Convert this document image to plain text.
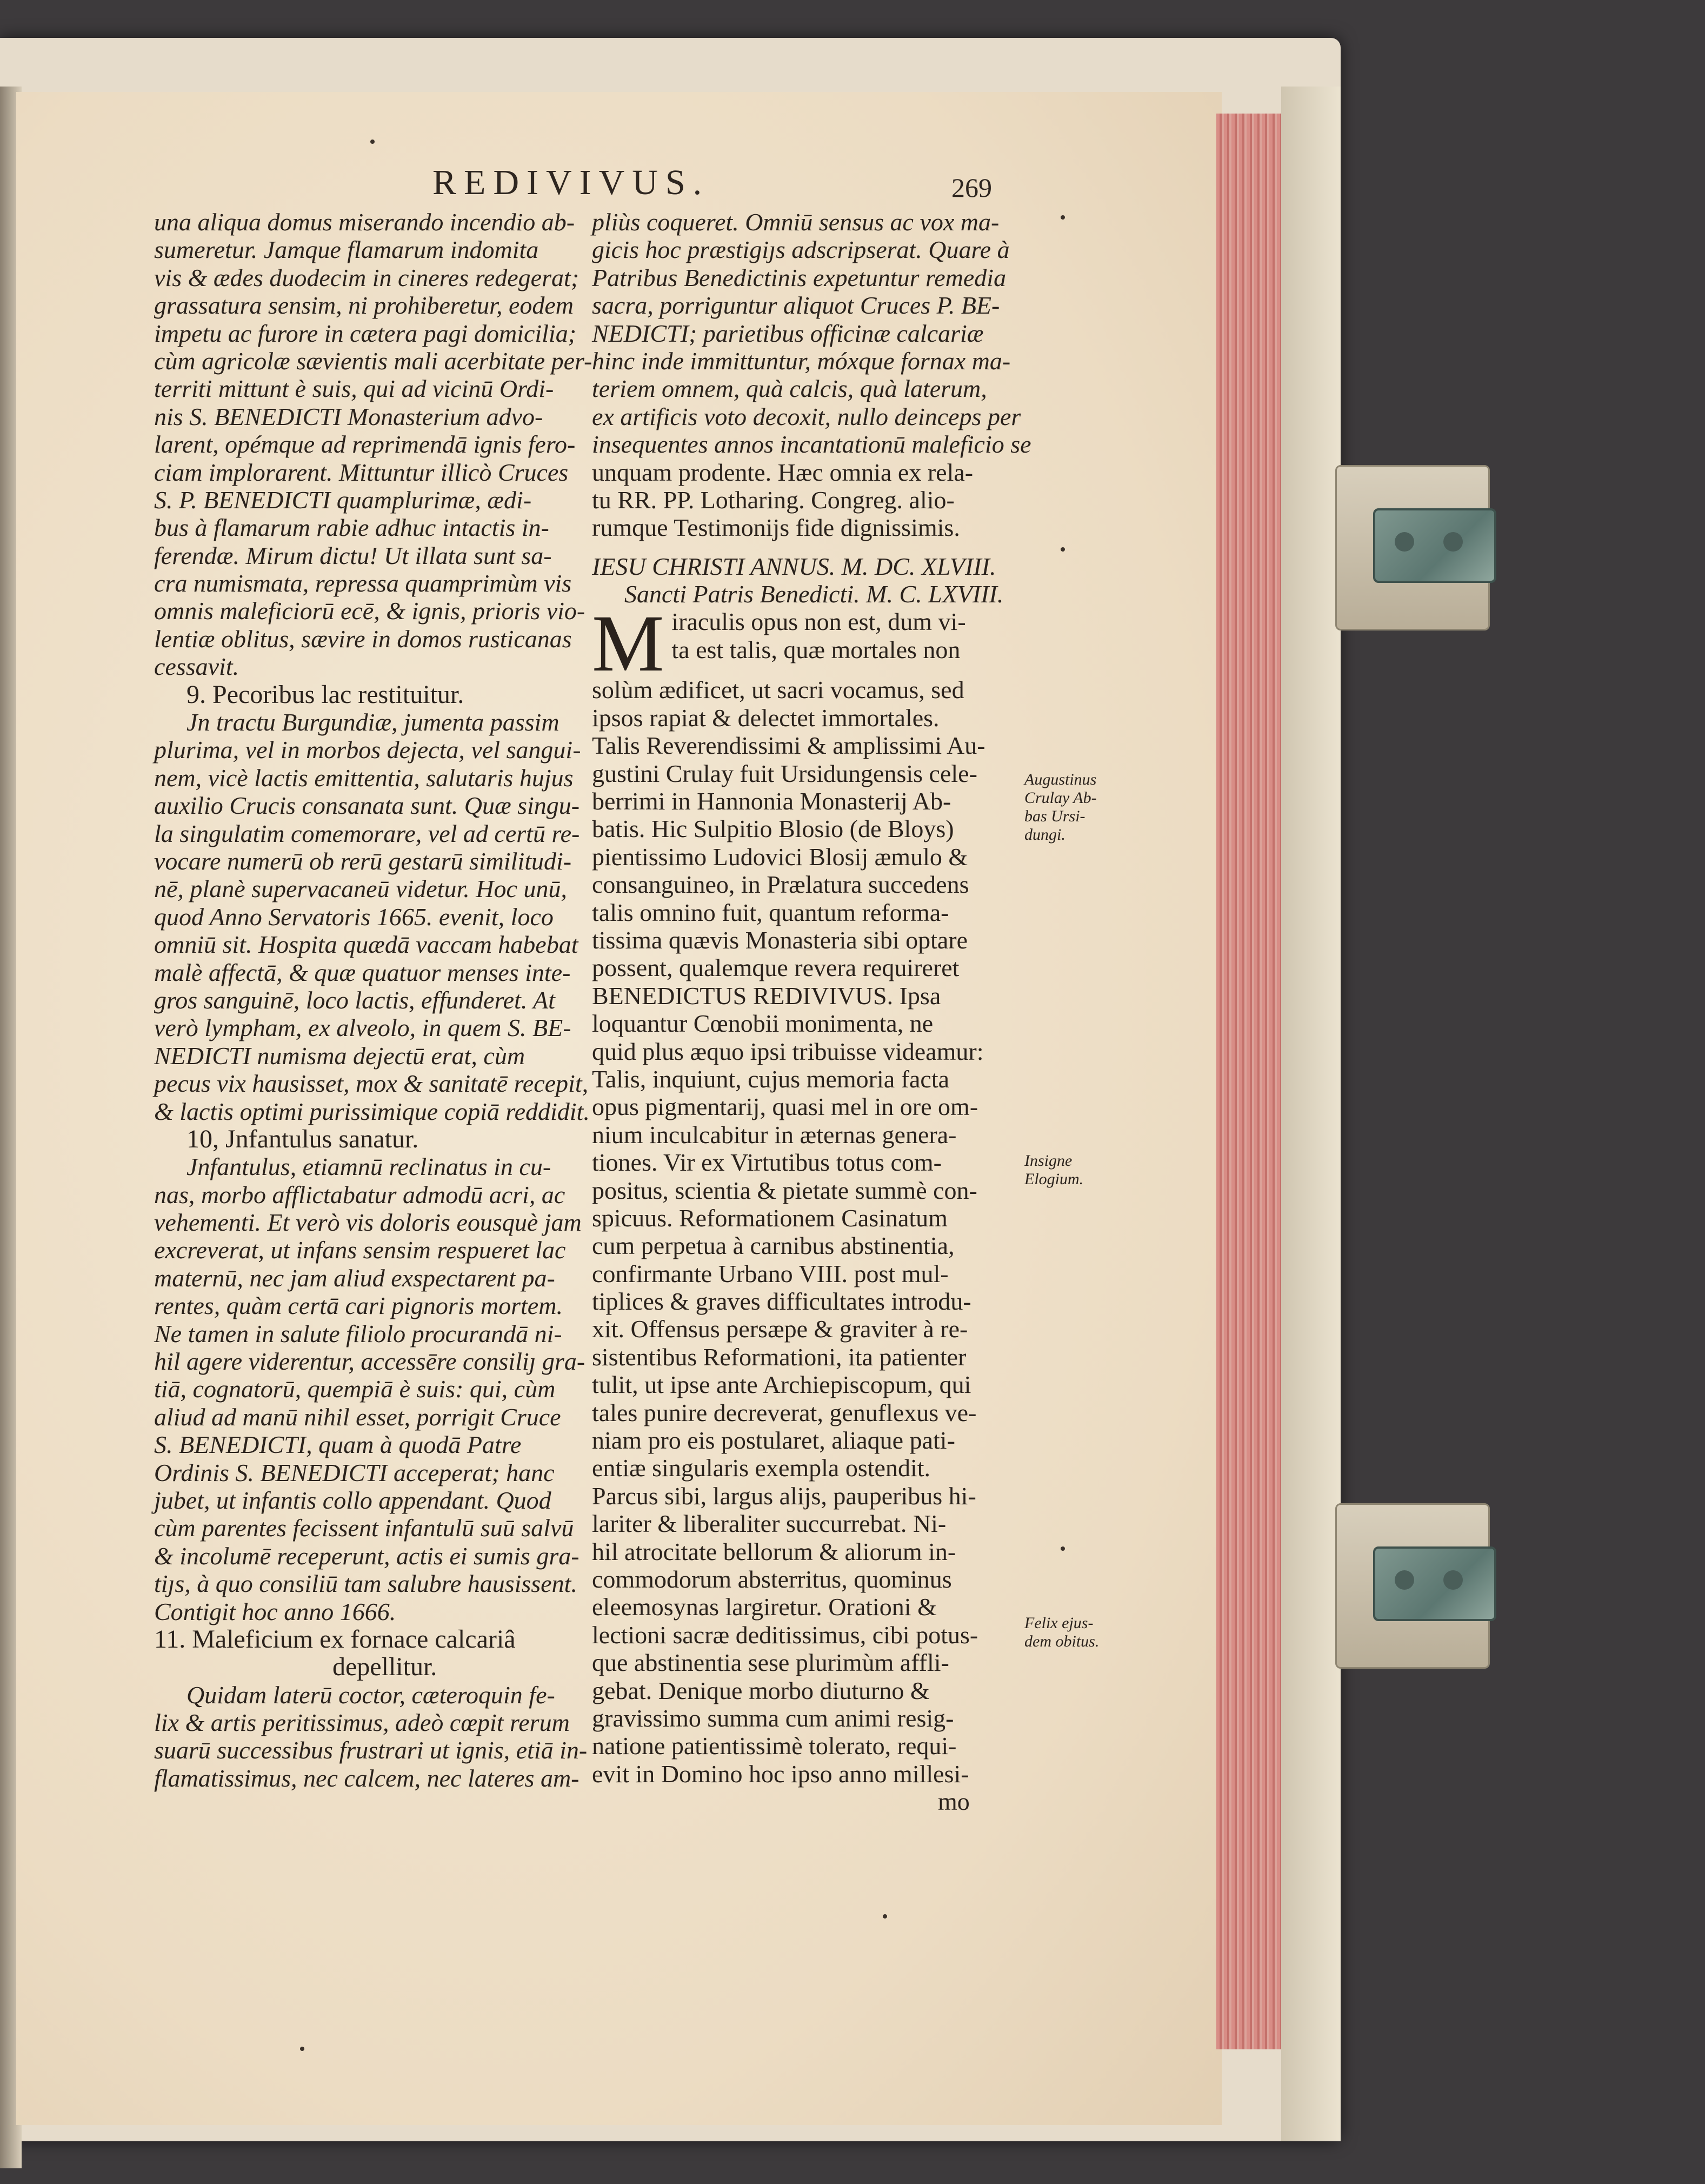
REDIVIVUS.	269
una aliqua domus miserando incendio ab-
sumeretur. Jamque flamarum indomita
vis & ædes duodecim in cineres redegerat;
grassatura sensim, ni prohiberetur, eodem
impetu ac furore in cætera pagi domicilia;
cùm agricolæ sævientis mali acerbitate per-
territi mittunt è suis, qui ad vicinū Ordi-
nis S. BENEDICTI Monasterium advo-
larent, opémque ad reprimendā ignis fero-
ciam implorarent. Mittuntur illicò Cruces
S. P. BENEDICTI quamplurimæ, ædi-
bus à flamarum rabie adhuc intactis in-
ferendæ. Mirum dictu! Ut illata sunt sa-
cra numismata, repressa quamprimùm vis
omnis maleficiorū ecē, & ignis, prioris vio-
lentiæ oblitus, sævire in domos rusticanas
cessavit.
9. Pecoribus lac restituitur.
Jn tractu Burgundiæ, jumenta passim
plurima, vel in morbos dejecta, vel sangui-
nem, vicè lactis emittentia, salutaris hujus
auxilio Crucis consanata sunt. Quæ singu-
la singulatim comemorare, vel ad certū re-
vocare numerū ob rerū gestarū similitudi-
nē, planè supervacaneū videtur. Hoc unū,
quod Anno Servatoris 1665. evenit, loco
omniū sit. Hospita quædā vaccam habebat
malè affectā, & quæ quatuor menses inte-
gros sanguinē, loco lactis, effunderet. At
verò lympham, ex alveolo, in quem S. BE-
NEDICTI numisma dejectū erat, cùm
pecus vix hausisset, mox & sanitatē recepit,
& lactis optimi purissimique copiā reddidit.
10, Jnfantulus sanatur.
Jnfantulus, etiamnū reclinatus in cu-
nas, morbo afflictabatur admodū acri, ac
vehementi. Et verò vis doloris eousquè jam
excreverat, ut infans sensim respueret lac
maternū, nec jam aliud exspectarent pa-
rentes, quàm certā cari pignoris mortem.
Ne tamen in salute filiolo procurandā ni-
hil agere viderentur, accessēre consiliȷ gra-
tiā, cognatorū, quempiā è suis: qui, cùm
aliud ad manū nihil esset, porrigit Cruce
S. BENEDICTI, quam à quodā Patre
Ordinis S. BENEDICTI acceperat; hanc
jubet, ut infantis collo appendant. Quod
cùm parentes fecissent infantulū suū salvū
& incolumē receperunt, actis ei sumis gra-
tiȷs, à quo consiliū tam salubre hausissent.
Contigit hoc anno 1666.
11. Maleficium ex fornace calcariâ
depellitur.
Quidam laterū coctor, cæteroquin fe-
lix & artis peritissimus, adeò cœpit rerum
suarū successibus frustrari ut ignis, etiā in-
flamatissimus, nec calcem, nec lateres am-
pliùs coqueret. Omniū sensus ac vox ma-
gicis hoc præstigiȷs adscripserat. Quare à
Patribus Benedictinis expetuntur remedia
sacra, porriguntur aliquot Cruces P. BE-
NEDICTI; parietibus officinæ calcariæ
hinc inde immittuntur, móxque fornax ma-
teriem omnem, quà calcis, quà laterum,
ex artificis voto decoxit, nullo deinceps per
insequentes annos incantationū maleficio se
unquam prodente. Hæc omnia ex rela-
tu RR. PP. Lotharing. Congreg. alio-
rumque Testimonijs fide dignissimis.
IESU CHRISTI ANNUS. M. DC. XLVIII.
Sancti Patris Benedicti. M. C. LXVIII.
M iraculis opus non est, dum vi-
ta est talis, quæ mortales non
solùm ædificet, ut sacri vocamus, sed
ipsos rapiat & delectet immortales.
Talis Reverendissimi & amplissimi Au-
gustini Crulay fuit Ursidungensis cele-
berrimi in Hannonia Monasterij Ab-
batis. Hic Sulpitio Blosio (de Bloys)
pientissimo Ludovici Blosij æmulo &
consanguineo, in Prælatura succedens
talis omnino fuit, quantum reforma-
tissima quævis Monasteria sibi optare
possent, qualemque revera requireret
BENEDICTUS REDIVIVUS. Ipsa
loquantur Cœnobii monimenta, ne
quid plus æquo ipsi tribuisse videamur:
Talis, inquiunt, cujus memoria facta
opus pigmentarij, quasi mel in ore om-
nium inculcabitur in æternas genera-
tiones. Vir ex Virtutibus totus com-
positus, scientia & pietate summè con-
spicuus. Reformationem Casinatum
cum perpetua à carnibus abstinentia,
confirmante Urbano VIII. post mul-
tiplices & graves difficultates introdu-
xit. Offensus persæpe & graviter à re-
sistentibus Reformationi, ita patienter
tulit, ut ipse ante Archiepiscopum, qui
tales punire decreverat, genuflexus ve-
niam pro eis postularet, aliaque pati-
entiæ singularis exempla ostendit.
Parcus sibi, largus alijs, pauperibus hi-
lariter & liberaliter succurrebat. Ni-
hil atrocitate bellorum & aliorum in-
commodorum absterritus, quominus
eleemosynas largiretur. Orationi &
lectioni sacræ deditissimus, cibi potus-
que abstinentia sese plurimùm affli-
gebat. Denique morbo diuturno &
gravissimo summa cum animi resig-
natione patientissimè tolerato, requi-
evit in Domino hoc ipso anno millesi-
mo
Augustinus
Crulay Ab-
bas Ursi-
dungi.
Insigne
Elogium.
Felix ejus-
dem obitus.
